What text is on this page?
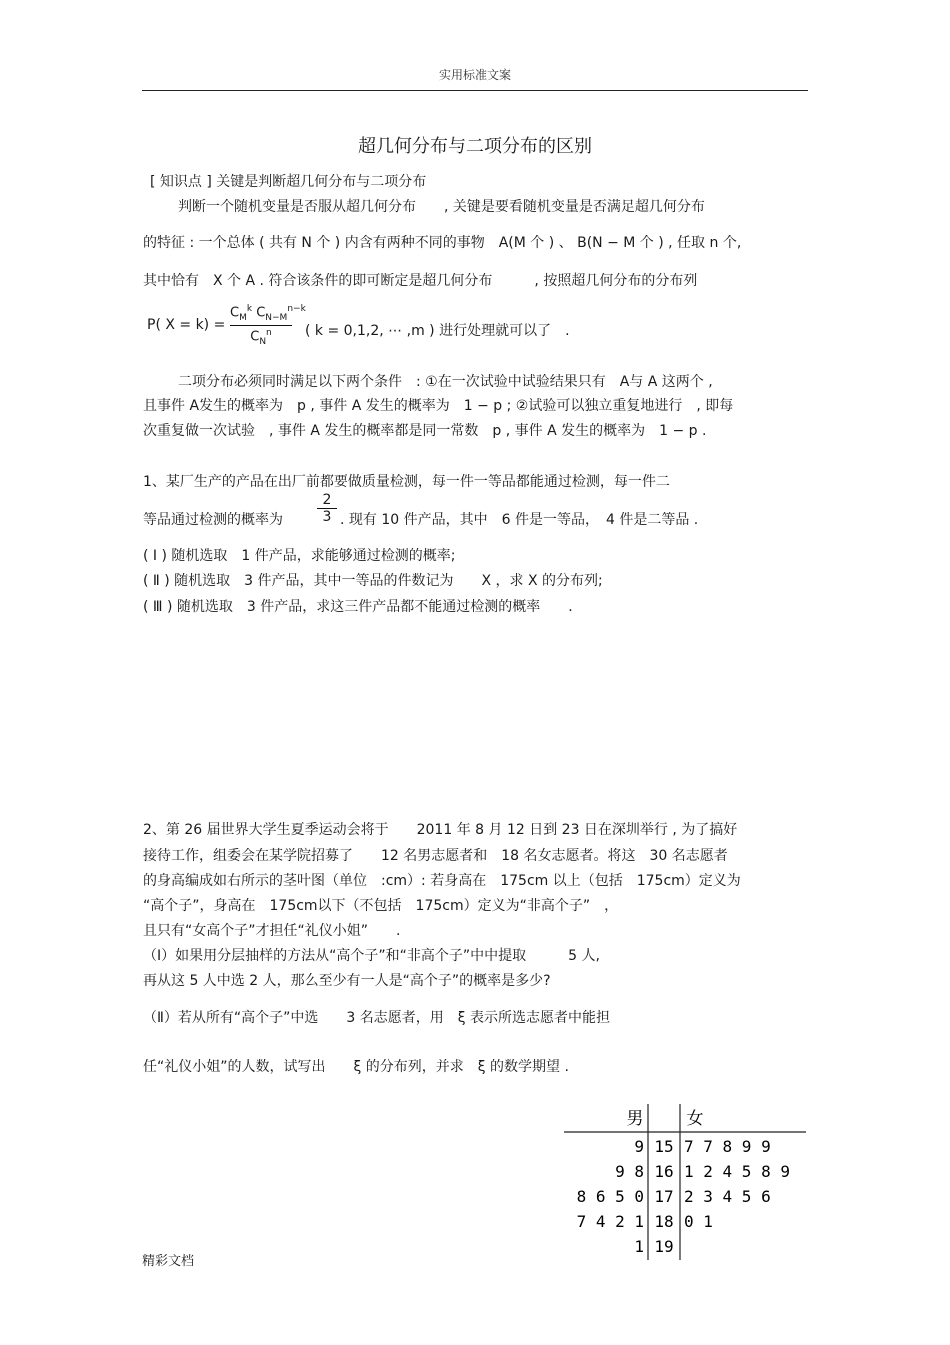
实用标准文案
超几何分布与二项分布的区别
[ 知识点 ] 关键是判断超几何分布与二项分布
判断一个随机变量是否服从超几何分布　　, 关键是要看随机变量是否满足超几何分布
的特征 : 一个总体 ( 共有 N 个 ) 内含有两种不同的事物　A(M 个 ) 、 B(N − M 个 ) , 任取 n 个,
其中恰有　X 个 A . 符合该条件的即可断定是超几何分布　　　, 按照超几何分布的分布列
P( X = k) =
$C_M^k$ $C_{N-M}^{n-k}$
$C_N^n$	( k = 0,1,2, ⋯ ,m ) 进行处理就可以了　.
二项分布必须同时满足以下两个条件　: ①在一次试验中试验结果只有　A与 A 这两个 ,
且事件 A发生的概率为　p , 事件 A 发生的概率为　1 − p ; ②试验可以独立重复地进行　, 即每
次重复做一次试验　, 事件 A 发生的概率都是同一常数　p , 事件 A 发生的概率为　1 − p .
1、某厂生产的产品在出厂前都要做质量检测，每一件一等品都能通过检测，每一件二
等品通过检测的概率为 $\frac{2}{3}$ . 现有 10 件产品，其中　6 件是一等品，　4 件是二等品 .
( Ⅰ ) 随机选取　1 件产品，求能够通过检测的概率;
( Ⅱ ) 随机选取　3 件产品，其中一等品的件数记为　　X ，求 X 的分布列;
( Ⅲ ) 随机选取　3 件产品，求这三件产品都不能通过检测的概率　　.
2、第 26 届世界大学生夏季运动会将于　　2011 年 8 月 12 日到 23 日在深圳举行 , 为了搞好
接待工作，组委会在某学院招募了　　12 名男志愿者和　18 名女志愿者。将这　30 名志愿者
的身高编成如右所示的茎叶图（单位　:cm）: 若身高在　175cm 以上（包括　175cm）定义为
“高个子”，身高在　175cm以下（不包括　175cm）定义为“非高个子”　，
且只有“女高个子”才担任“礼仪小姐”　　.
（Ⅰ）如果用分层抽样的方法从“高个子”和“非高个子”中中提取　　　5 人,
再从这 5 人中选 2 人，那么至少有一人是“高个子”的概率是多少?
（Ⅱ）若从所有“高个子”中选　　3 名志愿者，用　ξ 表示所选志愿者中能担
任“礼仪小姐”的人数，试写出　　ξ 的分布列，并求　ξ 的数学期望 .
男	女
9 15 7 7 8 9 9
9 8 16 1 2 4 5 8 9
8 6 5 0 17 2 3 4 5 6
7 4 2 1 18 0 1
1 19
精彩文档
